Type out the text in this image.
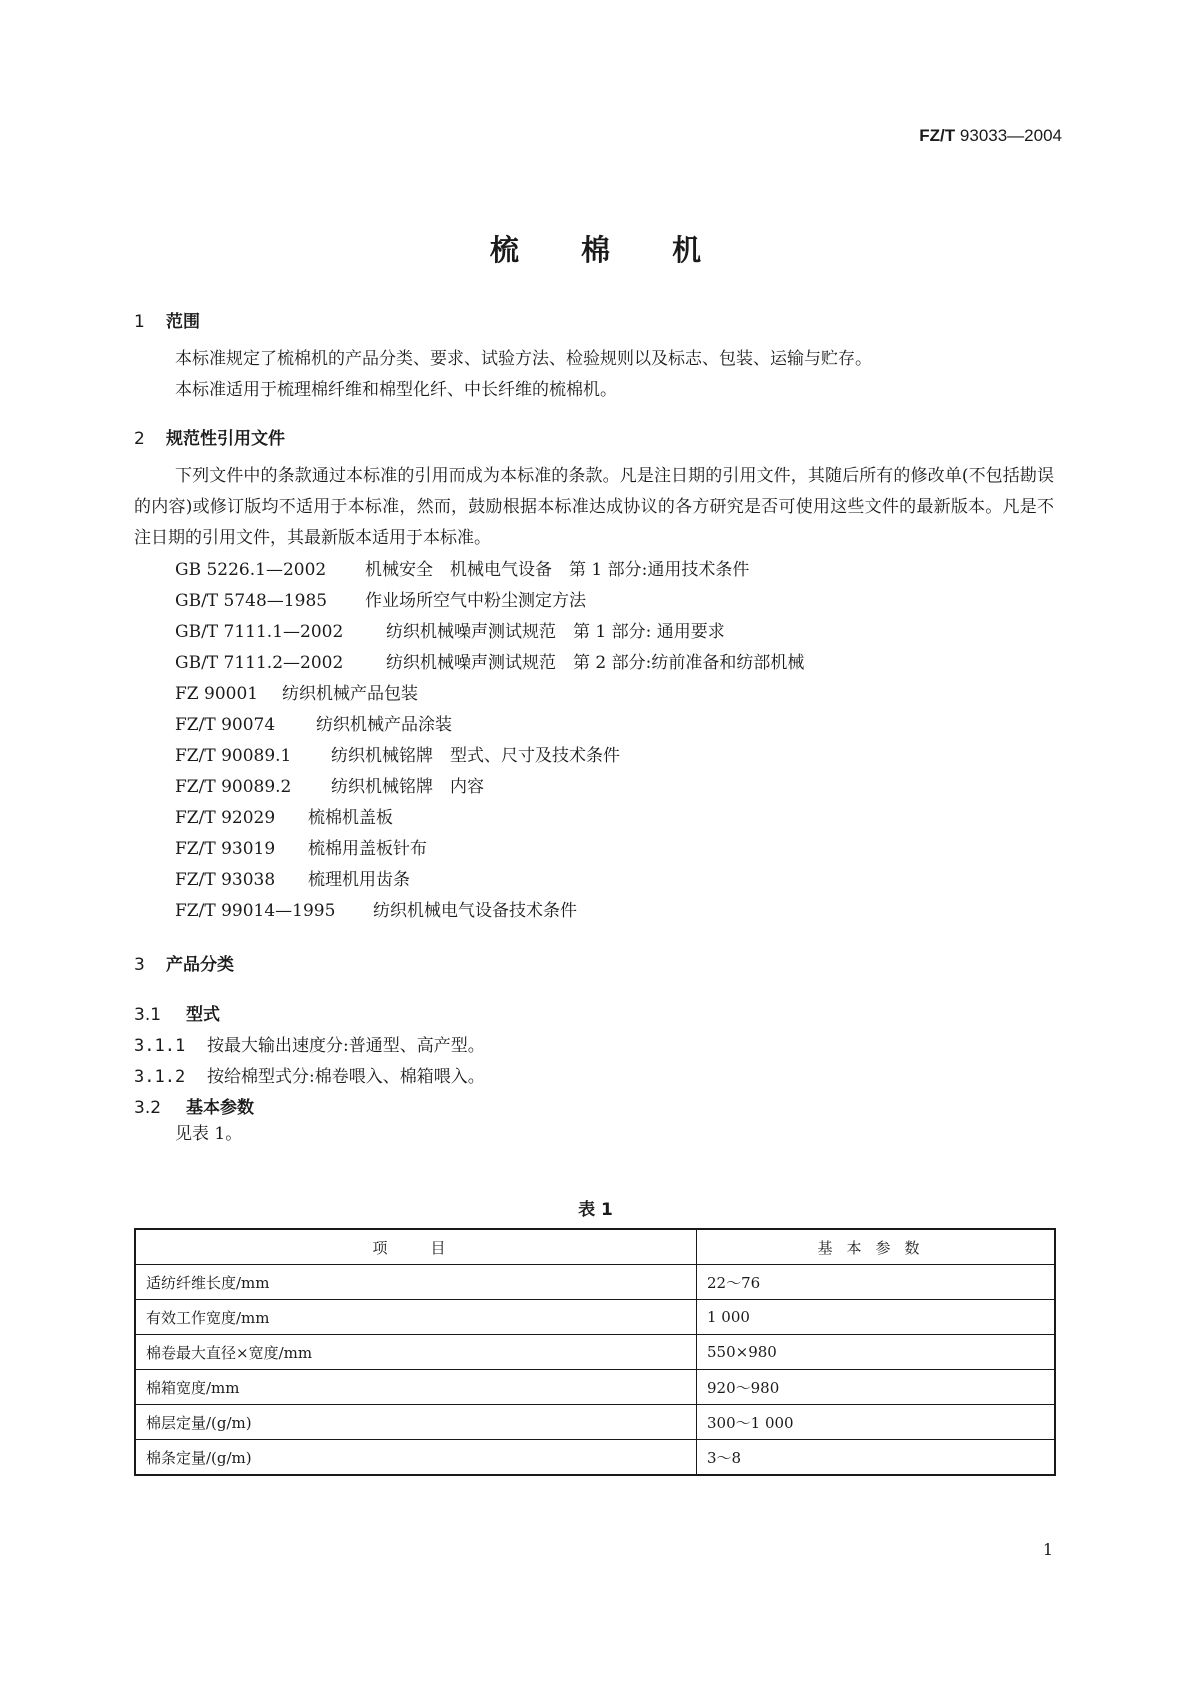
FZ/T 93033—2004
梳 棉 机
1 范围
本标准规定了梳棉机的产品分类、要求、试验方法、检验规则以及标志、包装、运输与贮存。
本标准适用于梳理棉纤维和棉型化纤、中长纤维的梳棉机。
2 规范性引用文件
下列文件中的条款通过本标准的引用而成为本标准的条款。凡是注日期的引用文件，其随后所有的修改单(不包括勘误的内容)或修订版均不适用于本标准，然而，鼓励根据本标准达成协议的各方研究是否可使用这些文件的最新版本。凡是不注日期的引用文件，其最新版本适用于本标准。
GB 5226.1—2002 机械安全　机械电气设备　第 1 部分:通用技术条件
GB/T 5748—1985 作业场所空气中粉尘测定方法
GB/T 7111.1—2002	纺织机械噪声测试规范　第 1 部分: 通用要求
GB/T 7111.2—2002	纺织机械噪声测试规范　第 2 部分:纺前准备和纺部机械
FZ 90001 纺织机械产品包装
FZ/T 90074 纺织机械产品涂装
FZ/T 90089.1 纺织机械铭牌　型式、尺寸及技术条件
FZ/T 90089.2 纺织机械铭牌　内容
FZ/T 92029 梳棉机盖板
FZ/T 93019 梳棉用盖板针布
FZ/T 93038 梳理机用齿条
FZ/T 99014—1995 纺织机械电气设备技术条件
3 产品分类
3.1 型式
3.1.1 按最大输出速度分:普通型、高产型。
3.1.2 按给棉型式分:棉卷喂入、棉箱喂入。
3.2 基本参数
见表 1。
表 1
项　目	基本参数
适纺纤维长度/mm	22～76
有效工作宽度/mm	1 000
棉卷最大直径×宽度/mm	550×980
棉箱宽度/mm	920～980
棉层定量/(g/m)	300～1 000
棉条定量/(g/m)	3～8
1
